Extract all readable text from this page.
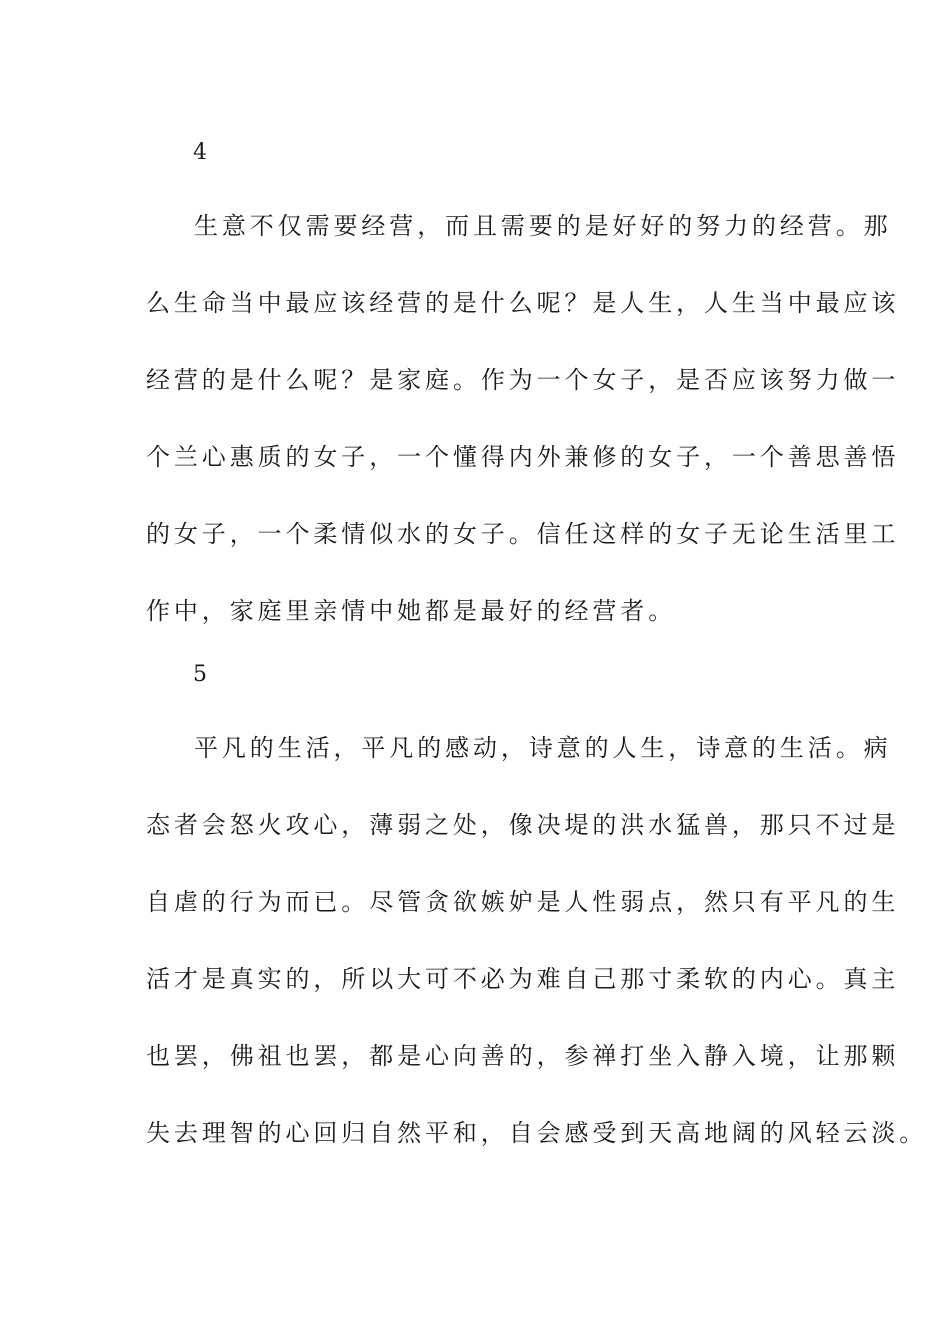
4
生意不仅需要经营，而且需要的是好好的努力的经营。那
么生命当中最应该经营的是什么呢？是人生，人生当中最应该
经营的是什么呢？是家庭。作为一个女子，是否应该努力做一
个兰心惠质的女子，一个懂得内外兼修的女子，一个善思善悟
的女子，一个柔情似水的女子。信任这样的女子无论生活里工
作中，家庭里亲情中她都是最好的经营者。
5
平凡的生活，平凡的感动，诗意的人生，诗意的生活。病
态者会怒火攻心，薄弱之处，像决堤的洪水猛兽，那只不过是
自虐的行为而已。尽管贪欲嫉妒是人性弱点，然只有平凡的生
活才是真实的，所以大可不必为难自己那寸柔软的内心。真主
也罢，佛祖也罢，都是心向善的，参禅打坐入静入境，让那颗
失去理智的心回归自然平和，自会感受到天高地阔的风轻云淡。
